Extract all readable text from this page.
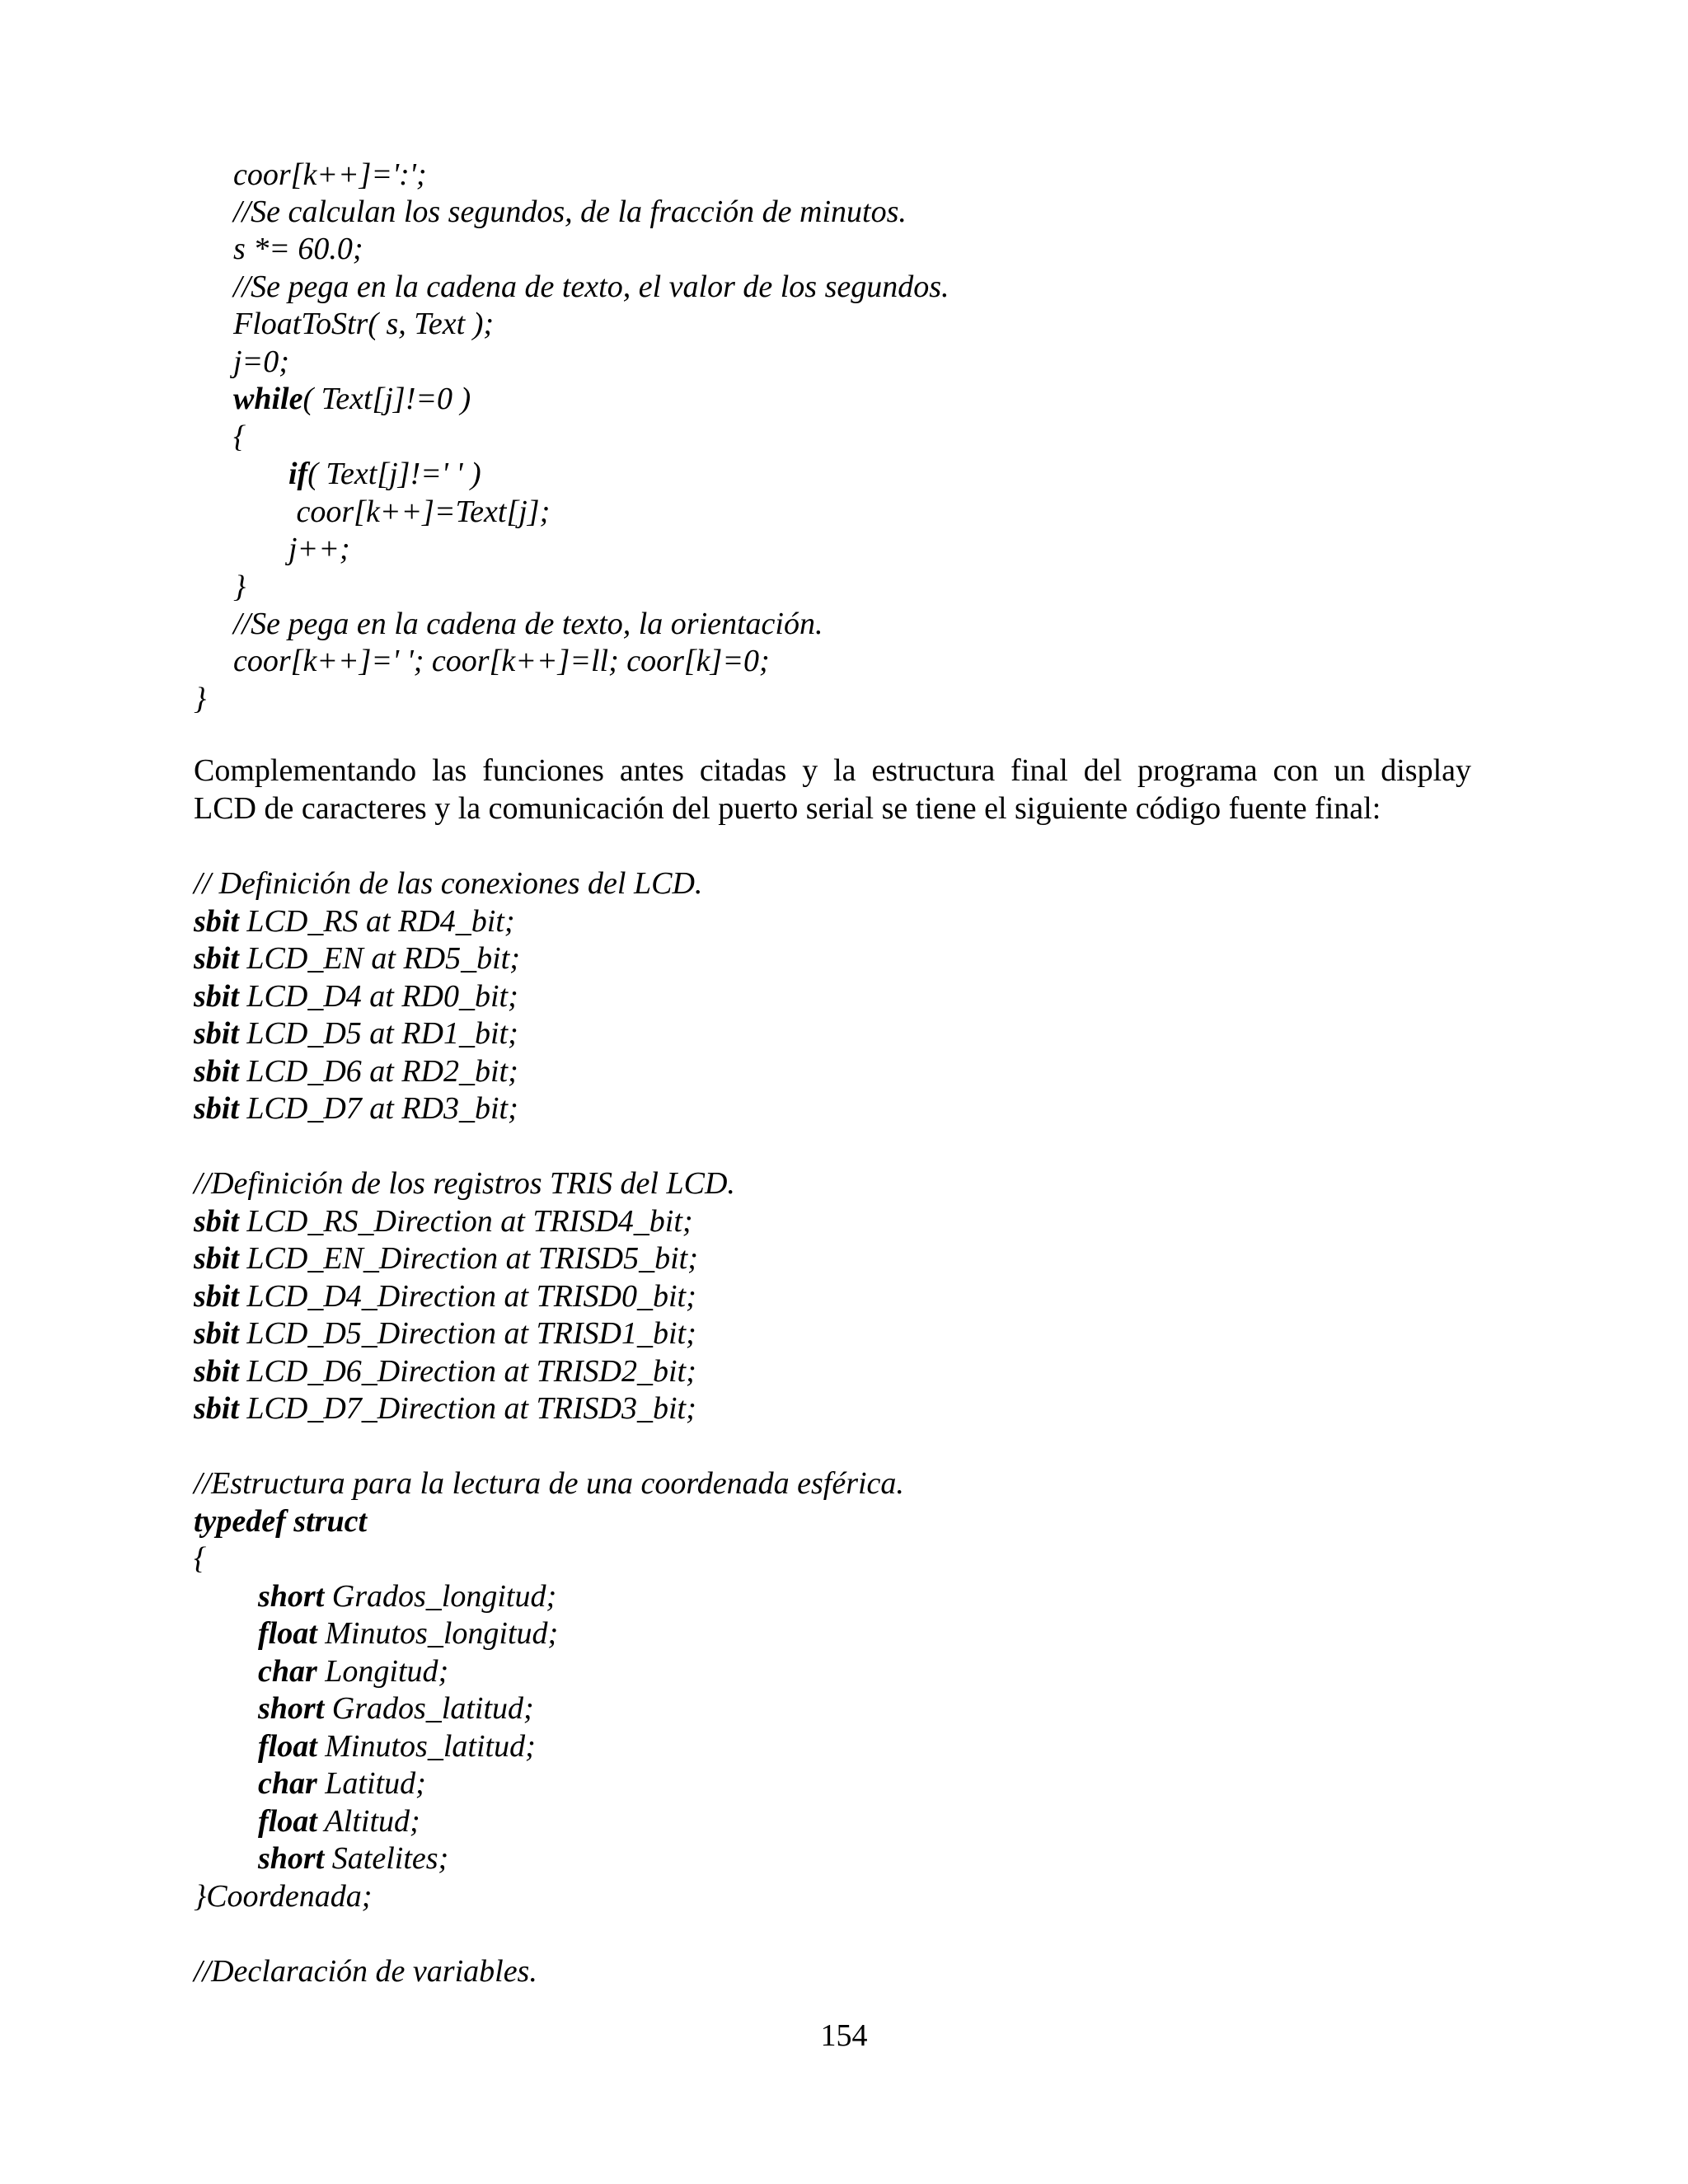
coor[k++]=':';
//Se calculan los segundos, de la fracción de minutos.
s *= 60.0;
//Se pega en la cadena de texto, el valor de los segundos.
FloatToStr( s, Text );
j=0;
while( Text[j]!=0 )
{
if( Text[j]!=' ' )
coor[k++]=Text[j];
j++;
}
//Se pega en la cadena de texto, la orientación.
coor[k++]=' '; coor[k++]=ll; coor[k]=0;
}
Complementando las funciones antes citadas y la estructura final del programa con un display
LCD de caracteres y la comunicación del puerto serial se tiene el siguiente código fuente final:
// Definición de las conexiones del LCD.
sbit LCD_RS at RD4_bit;
sbit LCD_EN at RD5_bit;
sbit LCD_D4 at RD0_bit;
sbit LCD_D5 at RD1_bit;
sbit LCD_D6 at RD2_bit;
sbit LCD_D7 at RD3_bit;
//Definición de los registros TRIS del LCD.
sbit LCD_RS_Direction at TRISD4_bit;
sbit LCD_EN_Direction at TRISD5_bit;
sbit LCD_D4_Direction at TRISD0_bit;
sbit LCD_D5_Direction at TRISD1_bit;
sbit LCD_D6_Direction at TRISD2_bit;
sbit LCD_D7_Direction at TRISD3_bit;
//Estructura para la lectura de una coordenada esférica.
typedef struct
{
short Grados_longitud;
float Minutos_longitud;
char Longitud;
short Grados_latitud;
float Minutos_latitud;
char Latitud;
float Altitud;
short Satelites;
}Coordenada;
//Declaración de variables.
154
